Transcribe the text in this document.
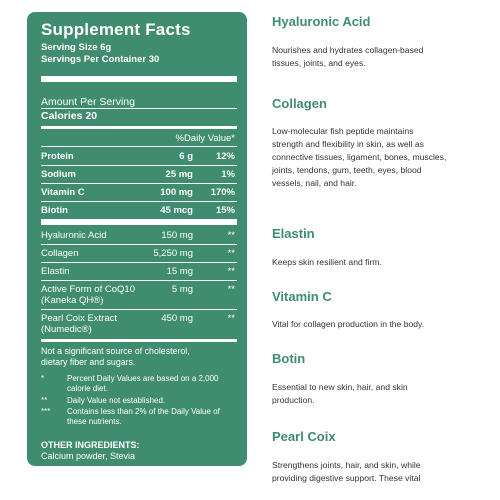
Supplement Facts
Serving Size 6g
Servings Per Container 30
Amount Per Serving
Calories 20
%Daily Value*
Protein	6 g 12%
Sodium	25 mg	1%
Vitamin C	100 mg 170%
Biotin	45 mcg 15%
Hyaluronic Acid	150 mg	**
Collagen	5,250 mg	**
Elastin	15 mg	**
Active Form of CoQ10
(Kaneka QH®)
5 mg	**
Pearl Coix Extract
(Numedic®)
450 mg	**
Not a significant source of cholesterol,
dietary fiber and sugars.
*	Percent Daily Values are based on a 2,000
calorie diet.
** Daily Value not established.
*** Contains less than 2% of the Daily Value of
these nutrients.
OTHER INGREDIENTS:
Calcium powder, Stevia
Hyaluronic Acid
Nourishes and hydrates collagen-based
tissues, joints, and eyes.
Collagen
Low-molecular fish peptide maintains
strength and flexibility in skin, as well as
connective tissues, ligament, bones, muscles,
joints, tendons, gum, teeth, eyes, blood
vessels, nail, and hair.
Elastin
Keeps skin resilient and firm.
Vitamin C
Vital for collagen production in the body.
Botin
Essential to new skin, hair, and skin
production.
Pearl Coix
Strengthens joints, hair, and skin, while
providing digestive support. These vital
